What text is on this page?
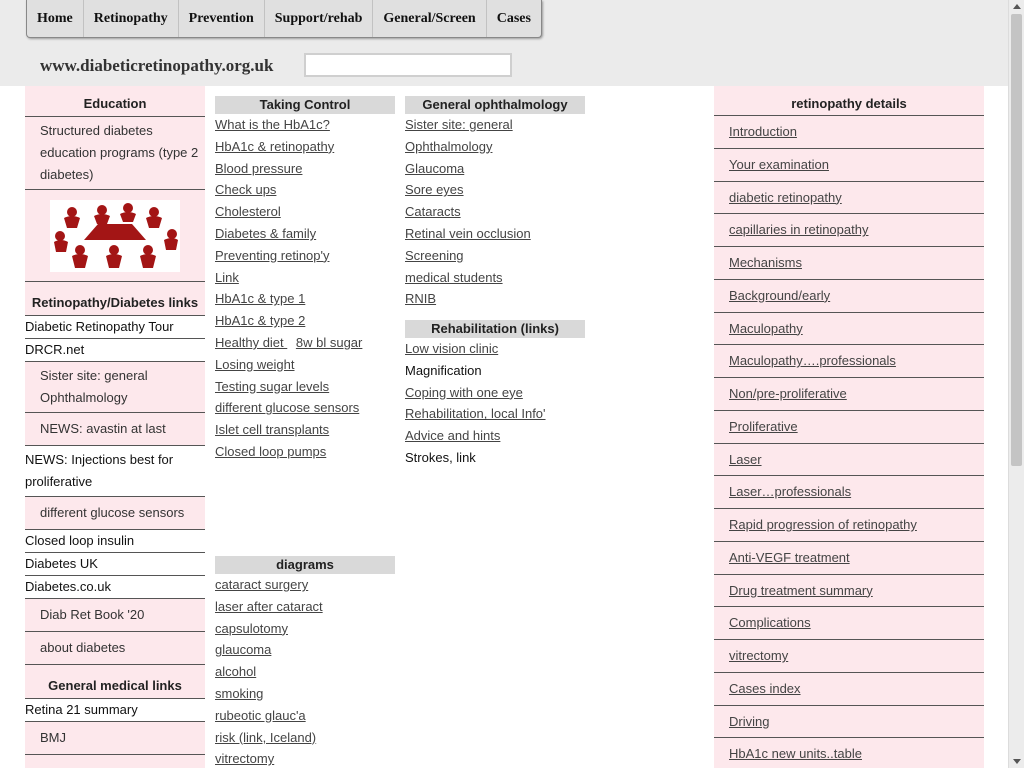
Home	Retinopathy	Prevention	Support/rehab	General/Screen	Cases
www.diabeticretinopathy.org.uk
Education
Structured diabetes education programs (type 2 diabetes)
Retinopathy/Diabetes links
Diabetic Retinopathy Tour
DRCR.net
Sister site: general Ophthalmology
NEWS: avastin at last
NEWS: Injections best for proliferative
different glucose sensors
Closed loop insulin
Diabetes UK
Diabetes.co.uk
Diab Ret Book '20
about diabetes
General medical links
Retina 21 summary
BMJ
Taking Control
What is the HbA1c?
HbA1c & retinopathy
Blood pressure
Check ups
Cholesterol
Diabetes & family
Preventing retinop'y
Link
HbA1c & type 1
HbA1c & type 2
Healthy diet  8w bl sugar
Losing weight
Testing sugar levels
different glucose sensors
Islet cell transplants
Closed loop pumps
diagrams
cataract surgery
laser after cataract
capsulotomy
glaucoma
alcohol
smoking
rubeotic glauc'a
risk (link, Iceland)
vitrectomy
General ophthalmology
Sister site: general
Ophthalmology
Glaucoma
Sore eyes
Cataracts
Retinal vein occlusion
Screening
medical students
RNIB
Rehabilitation (links)
Low vision clinic
Magnification
Coping with one eye
Rehabilitation, local Info'
Advice and hints
Strokes, link
retinopathy details
Introduction
Your examination
diabetic retinopathy
capillaries in retinopathy
Mechanisms
Background/early
Maculopathy
Maculopathy….professionals
Non/pre-proliferative
Proliferative
Laser
Laser…professionals
Rapid progression of retinopathy
Anti-VEGF treatment
Drug treatment summary
Complications
vitrectomy
Cases index
Driving
HbA1c new units..table
